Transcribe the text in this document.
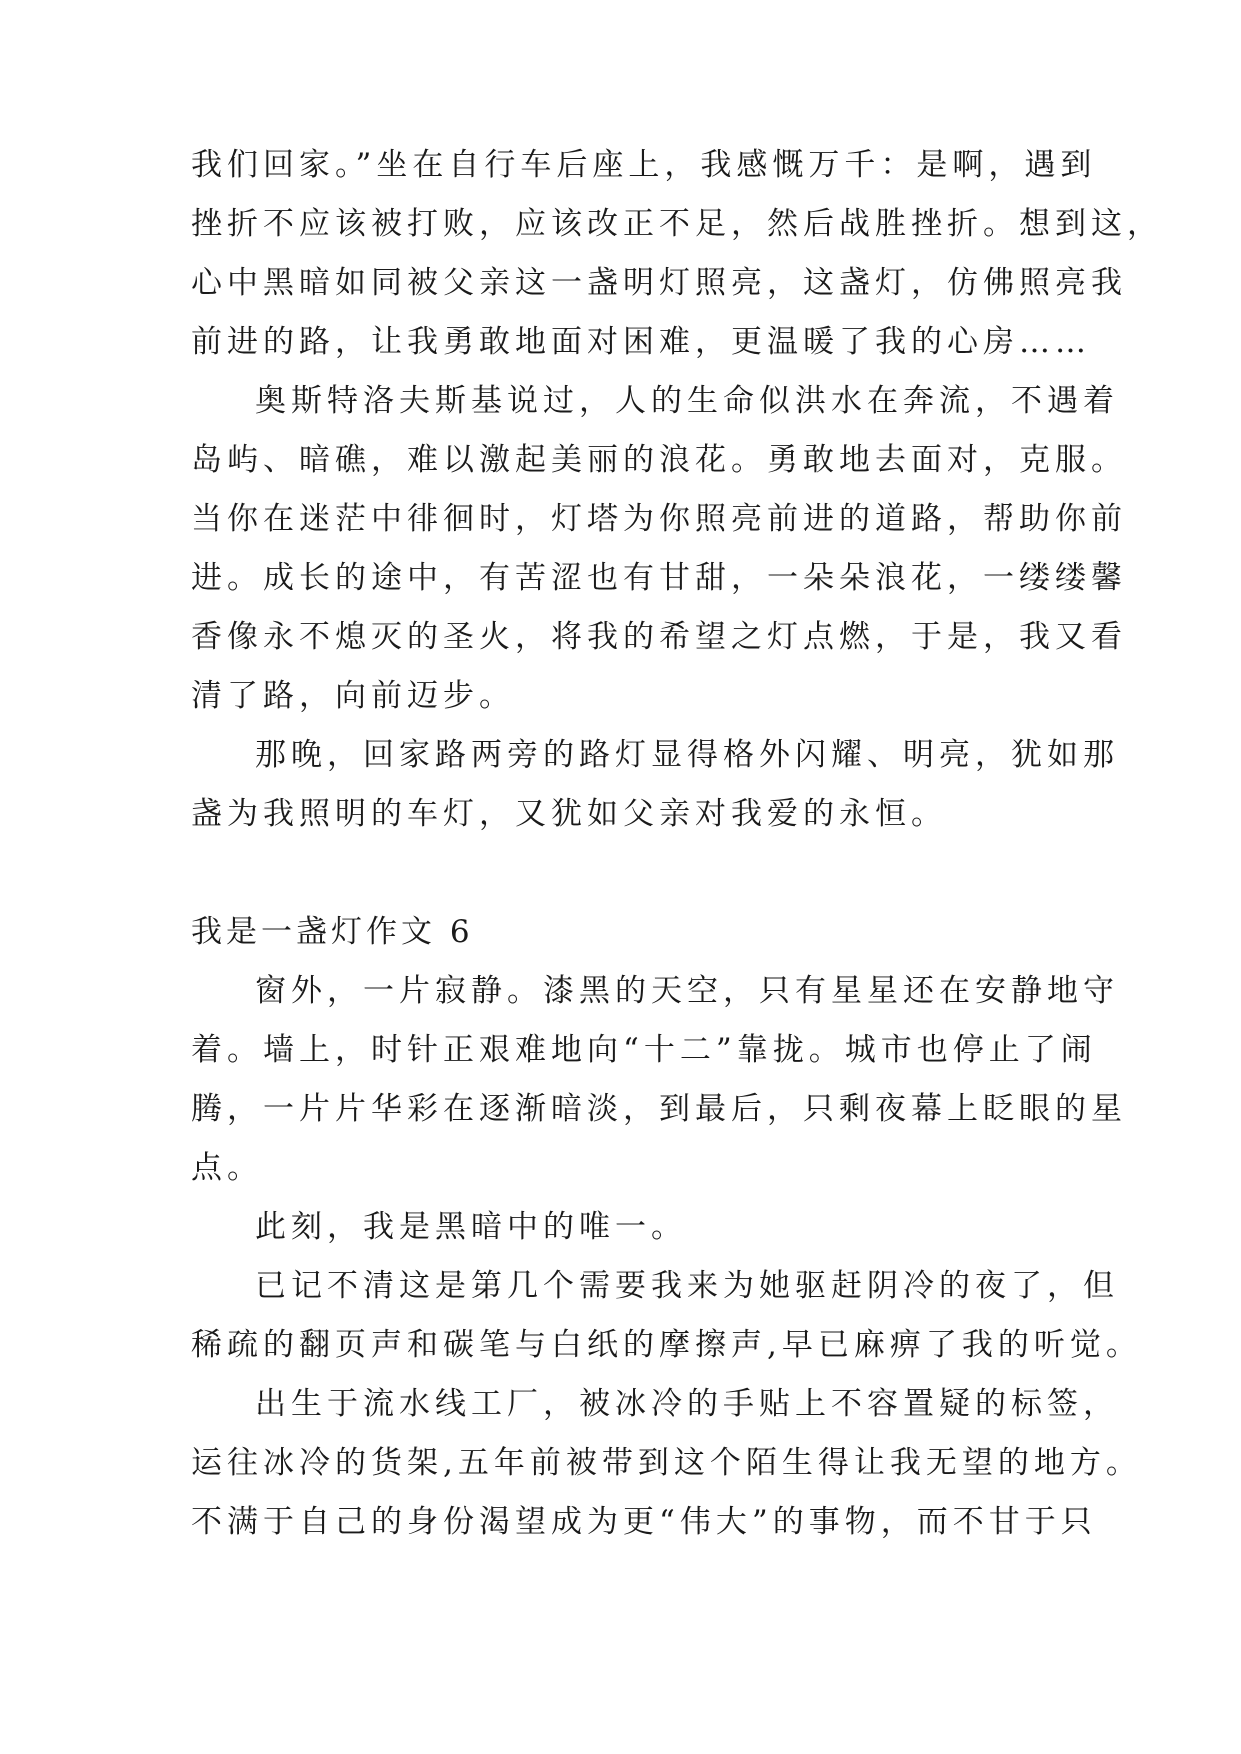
我们回家。”坐在自行车后座上，我感慨万千：是啊，遇到
挫折不应该被打败，应该改正不足，然后战胜挫折。想到这，
心中黑暗如同被父亲这一盏明灯照亮，这盏灯，仿佛照亮我
前进的路，让我勇敢地面对困难，更温暖了我的心房……
奥斯特洛夫斯基说过，人的生命似洪水在奔流，不遇着
岛屿、暗礁，难以激起美丽的浪花。勇敢地去面对，克服。
当你在迷茫中徘徊时，灯塔为你照亮前进的道路，帮助你前
进。成长的途中，有苦涩也有甘甜，一朵朵浪花，一缕缕馨
香像永不熄灭的圣火，将我的希望之灯点燃，于是，我又看
清了路，向前迈步。
那晚，回家路两旁的路灯显得格外闪耀、明亮，犹如那
盏为我照明的车灯，又犹如父亲对我爱的永恒。
我是一盏灯作文 6
窗外，一片寂静。漆黑的天空，只有星星还在安静地守
着。墙上，时针正艰难地向“十二”靠拢。城市也停止了闹
腾，一片片华彩在逐渐暗淡，到最后，只剩夜幕上眨眼的星
点。
此刻，我是黑暗中的唯一。
已记不清这是第几个需要我来为她驱赶阴冷的夜了，但
稀疏的翻页声和碳笔与白纸的摩擦声,早已麻痹了我的听觉。
出生于流水线工厂，被冰冷的手贴上不容置疑的标签，
运往冰冷的货架,五年前被带到这个陌生得让我无望的地方。
不满于自己的身份渴望成为更“伟大”的事物，而不甘于只
